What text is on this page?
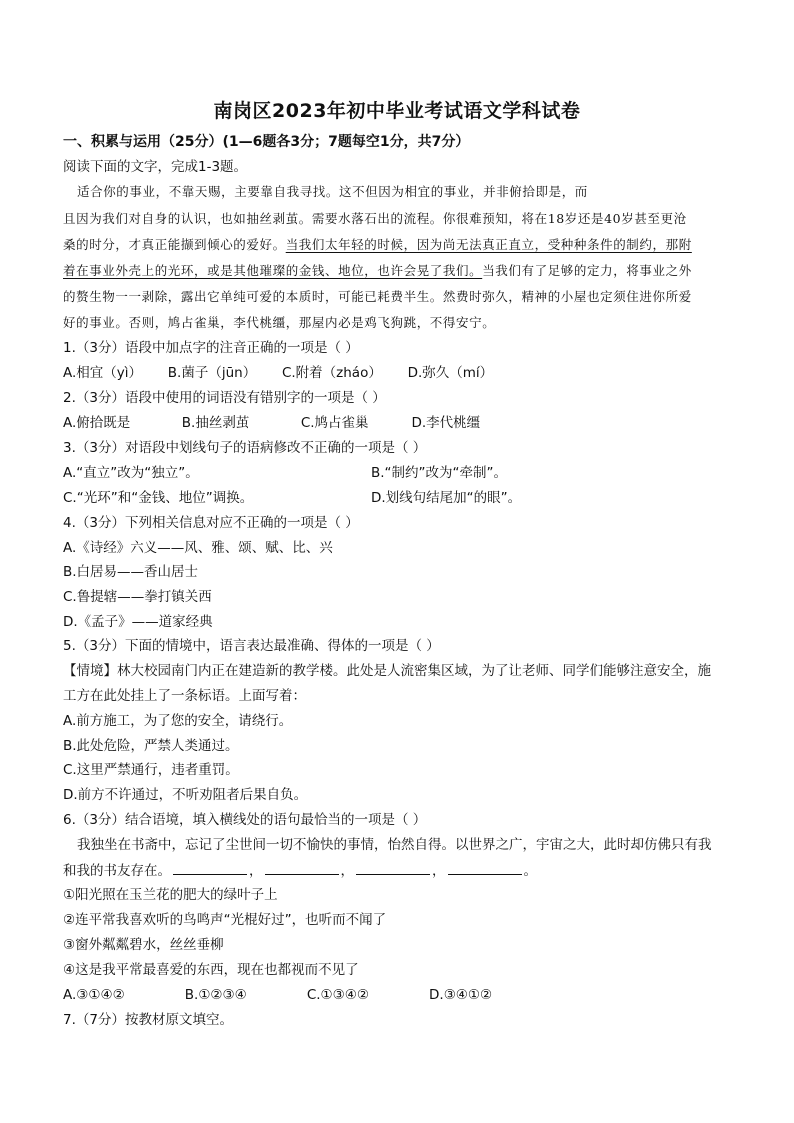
南岗区2023年初中毕业考试语文学科试卷
一、积累与运用（25分）(1—6题各3分；7题每空1分，共7分）
阅读下面的文字，完成1-3题。
适合你的事业，不靠天赐，主要靠自我寻找。这不但因为相宜的事业，并非俯拾即是，而
且因为我们对自身的认识，也如抽丝剥茧。需要水落石出的流程。你很难预知，将在18岁还是40岁甚至更沧
桑的时分，才真正能撷到倾心的爱好。当我们太年轻的时候，因为尚无法真正直立，受种种条件的制约，那附
着在事业外壳上的光环，或是其他璀璨的金钱、地位，也许会晃了我们。当我们有了足够的定力，将事业之外
的赘生物一一剥除，露出它单纯可爱的本质时，可能已耗费半生。然费时弥久，精神的小屋也定须住进你所爱
好的事业。否则，鸠占雀巢，李代桃缰，那屋内必是鸡飞狗跳，不得安宁。
1.（3分）语段中加点字的注音正确的一项是（ ）
A.相宜（yì）      B.菌子（jūn）      C.附着（zháo）      D.弥久（mí）
2.（3分）语段中使用的词语没有错别字的一项是（ ）
A.俯拾既是            B.抽丝剥茧            C.鸠占雀巢          D.李代桃缰
3.（3分）对语段中划线句子的语病修改不正确的一项是（ ）
A.“直立”改为“独立”。	B.“制约”改为“牵制”。
C.“光环”和“金钱、地位”调换。	D.划线句结尾加“的眼”。
4.（3分）下列相关信息对应不正确的一项是（ ）
A.《诗经》六义——风、雅、颂、赋、比、兴
B.白居易——香山居士
C.鲁提辖——拳打镇关西
D.《孟子》——道家经典
5.（3分）下面的情境中，语言表达最准确、得体的一项是（ ）
【情境】林大校园南门内正在建造新的教学楼。此处是人流密集区域，为了让老师、同学们能够注意安全，施
工方在此处挂上了一条标语。上面写着：
A.前方施工，为了您的安全，请绕行。
B.此处危险，严禁人类通过。
C.这里严禁通行，违者重罚。
D.前方不许通过，不听劝阻者后果自负。
6.（3分）结合语境，填入横线处的语句最恰当的一项是（ ）
我独坐在书斋中，忘记了尘世间一切不愉快的事情，怡然自得。以世界之广，宇宙之大，此时却仿佛只有我
和我的书友存在。	，	，	，	。
①阳光照在玉兰花的肥大的绿叶子上
②连平常我喜欢听的鸟鸣声“光棍好过”，也听而不闻了
③窗外粼粼碧水，丝丝垂柳
④这是我平常最喜爱的东西，现在也都视而不见了
A.③①④②              B.①②③④              C.①③④②              D.③④①②
7.（7分）按教材原文填空。
